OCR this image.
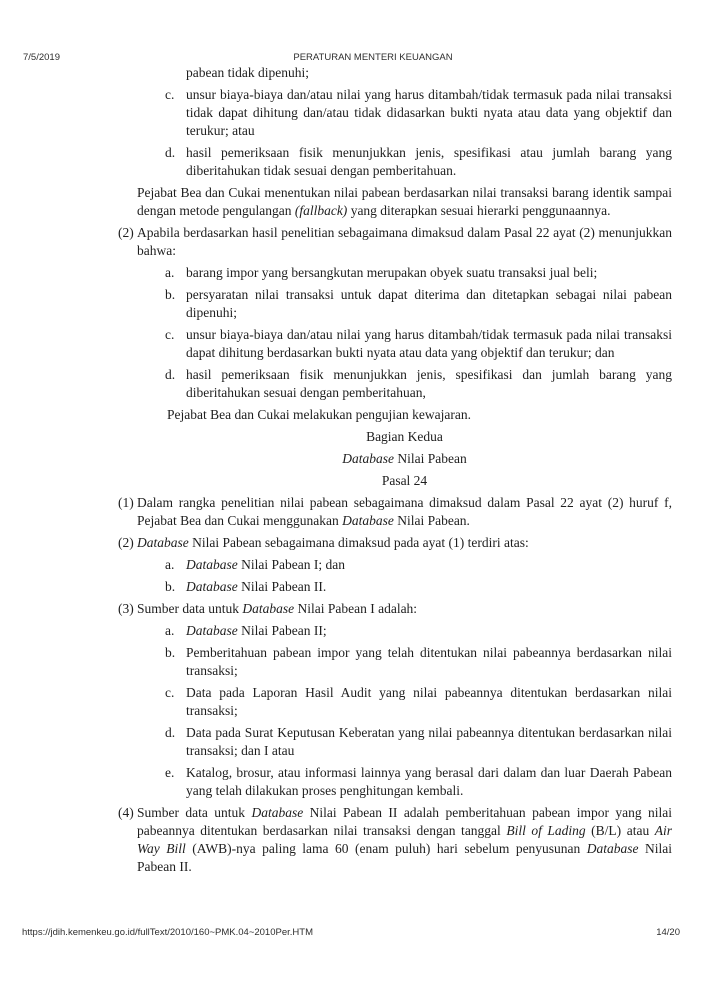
7/5/2019	PERATURAN MENTERI KEUANGAN
pabean tidak dipenuhi;
c. unsur biaya-biaya dan/atau nilai yang harus ditambah/tidak termasuk pada nilai transaksi tidak dapat dihitung dan/atau tidak didasarkan bukti nyata atau data yang objektif dan terukur; atau
d. hasil pemeriksaan fisik menunjukkan jenis, spesifikasi atau jumlah barang yang diberitahukan tidak sesuai dengan pemberitahuan.
Pejabat Bea dan Cukai menentukan nilai pabean berdasarkan nilai transaksi barang identik sampai dengan metode pengulangan (fallback) yang diterapkan sesuai hierarki penggunaannya.
(2) Apabila berdasarkan hasil penelitian sebagaimana dimaksud dalam Pasal 22 ayat (2) menunjukkan bahwa:
a. barang impor yang bersangkutan merupakan obyek suatu transaksi jual beli;
b. persyaratan nilai transaksi untuk dapat diterima dan ditetapkan sebagai nilai pabean dipenuhi;
c. unsur biaya-biaya dan/atau nilai yang harus ditambah/tidak termasuk pada nilai transaksi dapat dihitung berdasarkan bukti nyata atau data yang objektif dan terukur; dan
d. hasil pemeriksaan fisik menunjukkan jenis, spesifikasi dan jumlah barang yang diberitahukan sesuai dengan pemberitahuan,
Pejabat Bea dan Cukai melakukan pengujian kewajaran.
Bagian Kedua
Database Nilai Pabean
Pasal 24
(1) Dalam rangka penelitian nilai pabean sebagaimana dimaksud dalam Pasal 22 ayat (2) huruf f, Pejabat Bea dan Cukai menggunakan Database Nilai Pabean.
(2) Database Nilai Pabean sebagaimana dimaksud pada ayat (1) terdiri atas:
a. Database Nilai Pabean I; dan
b. Database Nilai Pabean II.
(3) Sumber data untuk Database Nilai Pabean I adalah:
a. Database Nilai Pabean II;
b. Pemberitahuan pabean impor yang telah ditentukan nilai pabeannya berdasarkan nilai transaksi;
c. Data pada Laporan Hasil Audit yang nilai pabeannya ditentukan berdasarkan nilai transaksi;
d. Data pada Surat Keputusan Keberatan yang nilai pabeannya ditentukan berdasarkan nilai transaksi; dan I atau
e. Katalog, brosur, atau informasi lainnya yang berasal dari dalam dan luar Daerah Pabean yang telah dilakukan proses penghitungan kembali.
(4) Sumber data untuk Database Nilai Pabean II adalah pemberitahuan pabean impor yang nilai pabeannya ditentukan berdasarkan nilai transaksi dengan tanggal Bill of Lading (B/L) atau Air Way Bill (AWB)-nya paling lama 60 (enam puluh) hari sebelum penyusunan Database Nilai Pabean II.
https://jdih.kemenkeu.go.id/fullText/2010/160~PMK.04~2010Per.HTM	14/20
